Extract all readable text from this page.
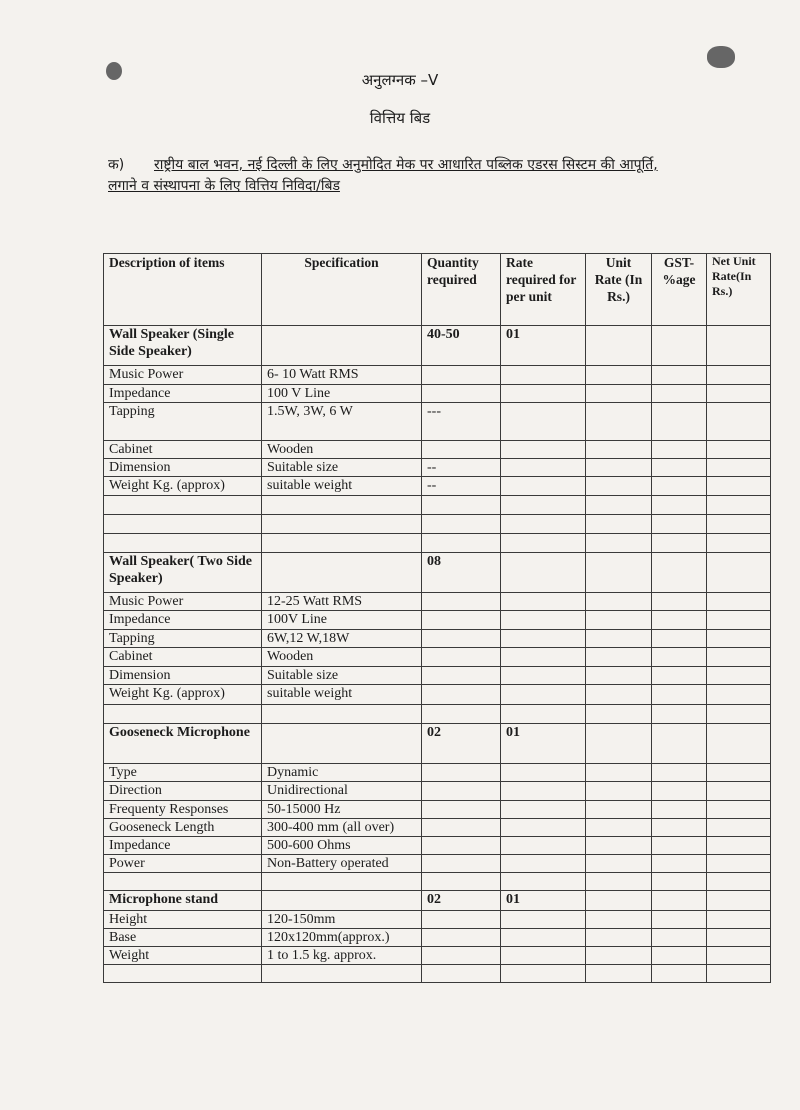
अनुलग्नक –V
वित्तिय बिड
क) राष्ट्रीय बाल भवन, नई दिल्ली के लिए अनुमोदित मेक पर आधारित पब्लिक एडरस सिस्टम की आपूर्ति,
लगाने व संस्थापना के लिए वित्तिय निविदा/बिड
Description of items	Specification	Quantity required	Rate required for per unit	Unit Rate (In Rs.)	GST-%age	Net Unit Rate(In Rs.)
Wall Speaker (Single Side Speaker)		40-50	01			
Music Power	6- 10 Watt RMS					
Impedance	100 V Line					
Tapping	1.5W, 3W, 6 W	---				
Cabinet	Wooden					
Dimension	Suitable size	--				
Weight Kg. (approx)	suitable weight	--				

Wall Speaker( Two Side Speaker)		08				
Music Power	12-25 Watt RMS					
Impedance	100V Line					
Tapping	6W,12 W,18W					
Cabinet	Wooden					
Dimension	Suitable size					
Weight Kg. (approx)	suitable weight					

Gooseneck Microphone		02	01			
Type	Dynamic					
Direction	Unidirectional					
Frequenty Responses	50-15000 Hz					
Gooseneck Length	300-400 mm (all over)					
Impedance	500-600 Ohms					
Power	Non-Battery operated					

Microphone stand		02	01			
Height	120-150mm					
Base	120x120mm(approx.)					
Weight	1 to 1.5 kg. approx.					
